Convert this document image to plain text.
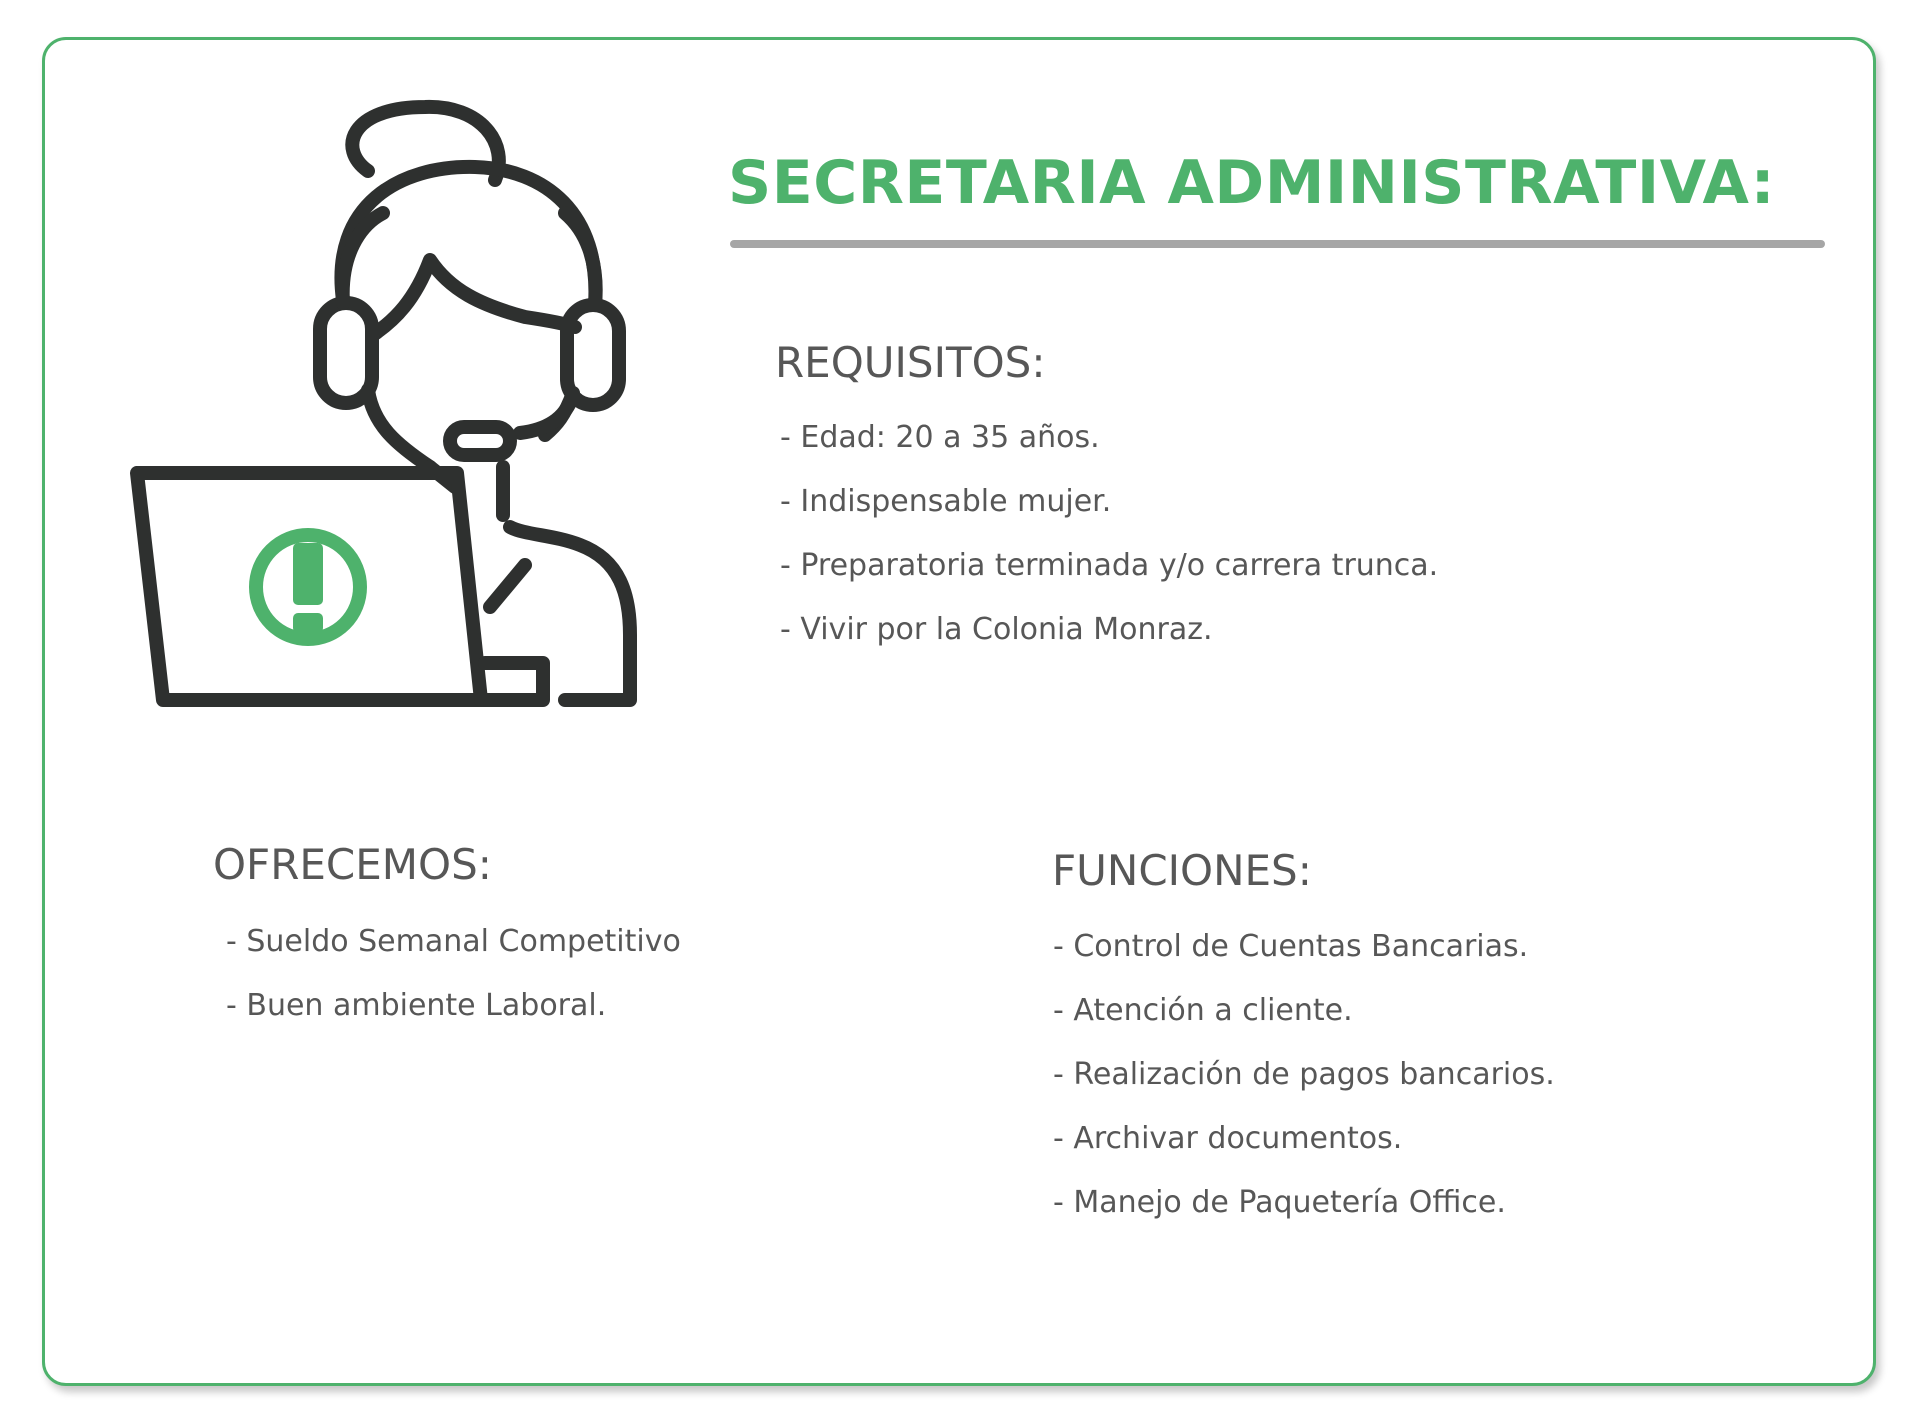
SECRETARIA ADMINISTRATIVA:
REQUISITOS:
- Edad: 20 a 35 años.
- Indispensable mujer.
- Preparatoria terminada y/o carrera trunca.
- Vivir por la Colonia Monraz.
OFRECEMOS:
- Sueldo Semanal Competitivo
- Buen ambiente Laboral.
FUNCIONES:
- Control de Cuentas Bancarias.
- Atención a cliente.
- Realización de pagos bancarios.
- Archivar documentos.
- Manejo de Paquetería Office.
